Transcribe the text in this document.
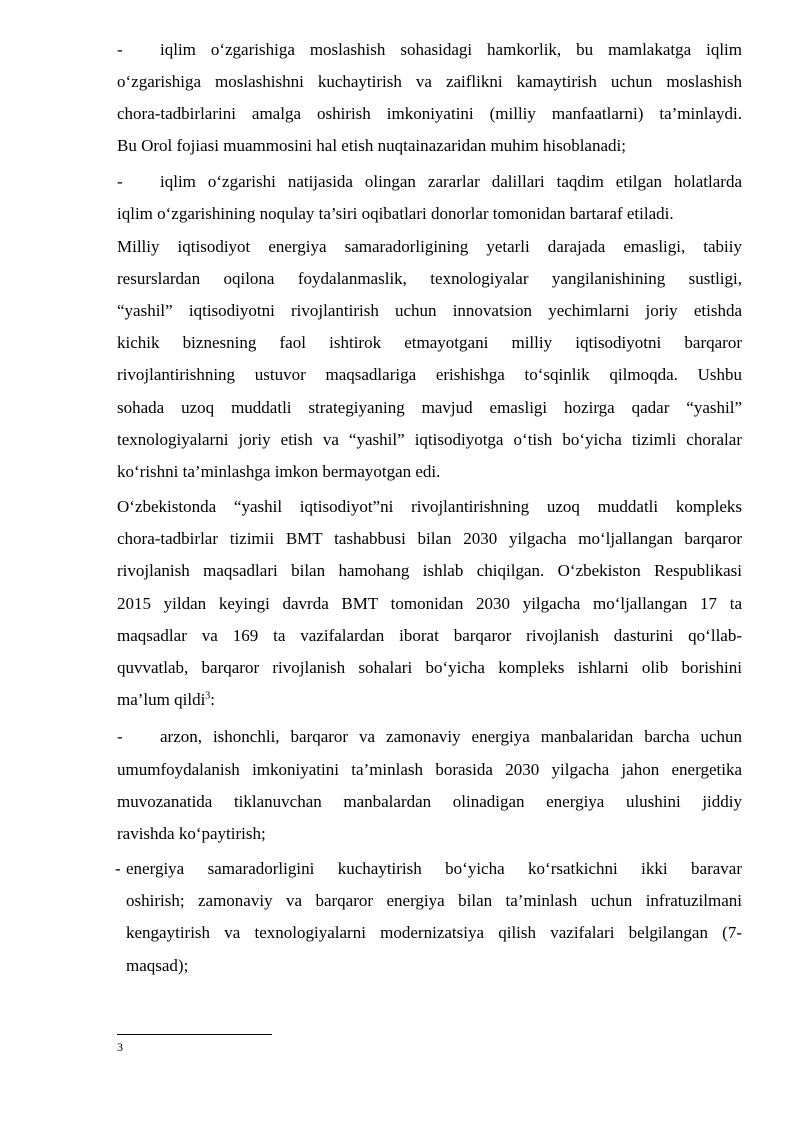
- iqlim o‘zgarishiga moslashish sohasidagi hamkorlik, bu mamlakatga iqlim
o‘zgarishiga moslashishni kuchaytirish va zaiflikni kamaytirish uchun moslashish
chora-tadbirlarini amalga oshirish imkoniyatini (milliy manfaatlarni) ta’minlaydi.
Bu Orol fojiasi muammosini hal etish nuqtainazaridan muhim hisoblanadi;
- iqlim o‘zgarishi natijasida olingan zararlar dalillari taqdim etilgan holatlarda
iqlim o‘zgarishining noqulay ta’siri oqibatlari donorlar tomonidan bartaraf etiladi.
Milliy iqtisodiyot energiya samaradorligining yetarli darajada emasligi, tabiiy
resurslardan oqilona foydalanmaslik, texnologiyalar yangilanishining sustligi,
“yashil” iqtisodiyotni rivojlantirish uchun innovatsion yechimlarni joriy etishda
kichik biznesning faol ishtirok etmayotgani milliy iqtisodiyotni barqaror
rivojlantirishning ustuvor maqsadlariga erishishga to‘sqinlik qilmoqda. Ushbu
sohada uzoq muddatli strategiyaning mavjud emasligi hozirga qadar “yashil”
texnologiyalarni joriy etish va “yashil” iqtisodiyotga o‘tish bo‘yicha tizimli choralar
ko‘rishni ta’minlashga imkon bermayotgan edi.
O‘zbekistonda “yashil iqtisodiyot”ni rivojlantirishning uzoq muddatli kompleks
chora-tadbirlar tizimii BMT tashabbusi bilan 2030 yilgacha mo‘ljallangan barqaror
rivojlanish maqsadlari bilan hamohang ishlab chiqilgan. O‘zbekiston Respublikasi
2015 yildan keyingi davrda BMT tomonidan 2030 yilgacha mo‘ljallangan 17 ta
maqsadlar va 169 ta vazifalardan iborat barqaror rivojlanish dasturini qo‘llab-
quvvatlab, barqaror rivojlanish sohalari bo‘yicha kompleks ishlarni olib borishini
ma’lum qildi$^3$:
- arzon, ishonchli, barqaror va zamonaviy energiya manbalaridan barcha uchun
umumfoydalanish imkoniyatini ta’minlash borasida 2030 yilgacha jahon energetika
muvozanatida tiklanuvchan manbalardan olinadigan energiya ulushini jiddiy
ravishda ko‘paytirish;
- energiya samaradorligini kuchaytirish bo‘yicha ko‘rsatkichni ikki baravar
oshirish; zamonaviy va barqaror energiya bilan ta’minlash uchun infratuzilmani
kengaytirish va texnologiyalarni modernizatsiya qilish vazifalari belgilangan (7-
maqsad);
3
